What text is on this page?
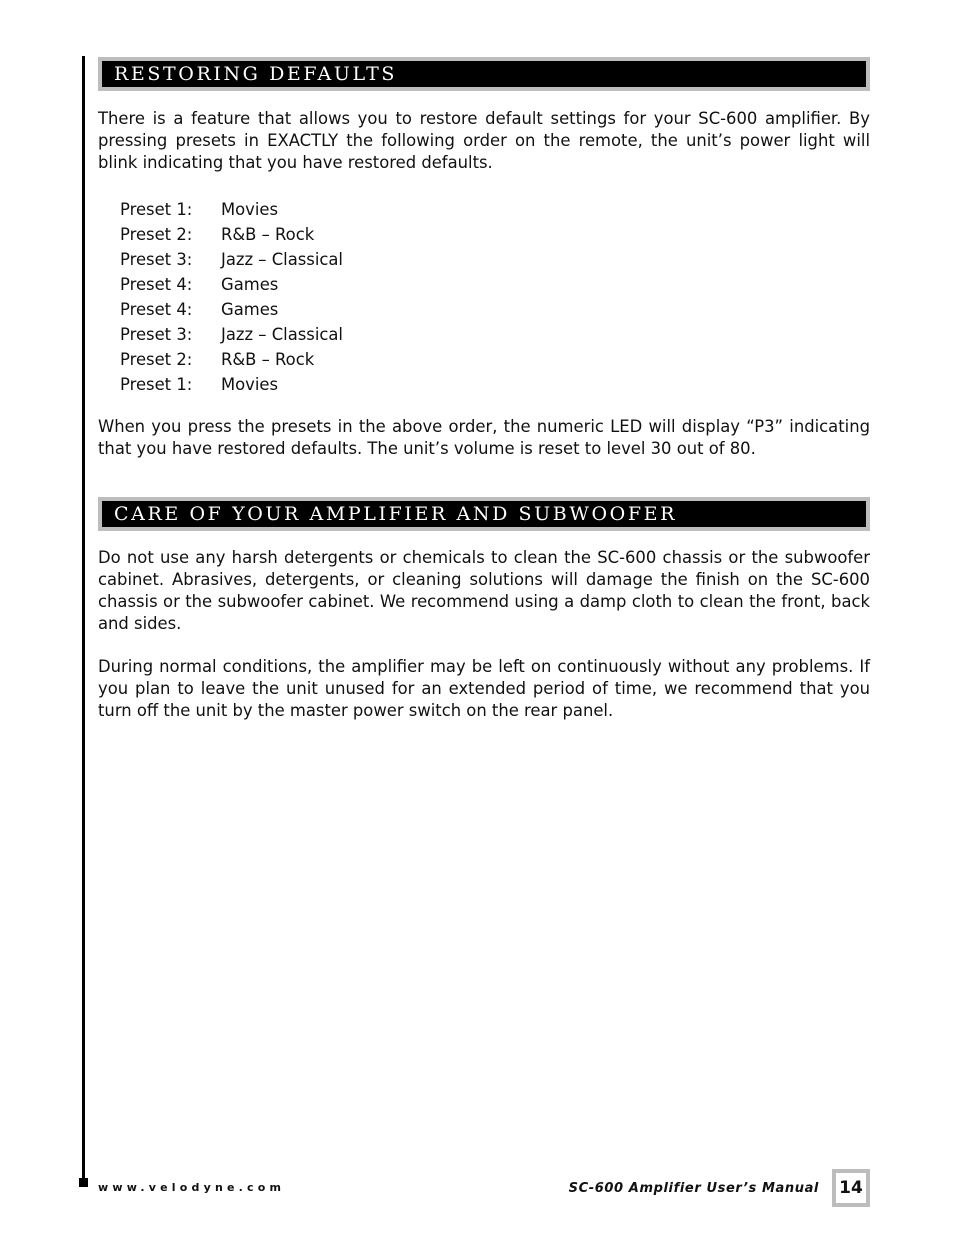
RESTORING DEFAULTS

There is a feature that allows you to restore default settings for your SC-600 amplifier. By pressing presets in EXACTLY the following order on the remote, the unit’s power light will blink indicating that you have restored defaults.

Preset 1:	Movies
Preset 2:	R&B – Rock
Preset 3:	Jazz – Classical
Preset 4:	Games
Preset 4:	Games
Preset 3:	Jazz – Classical
Preset 2:	R&B – Rock
Preset 1:	Movies

When you press the presets in the above order, the numeric LED will display “P3” indicating that you have restored defaults. The unit’s volume is reset to level 30 out of 80.

CARE OF YOUR AMPLIFIER AND SUBWOOFER

Do not use any harsh detergents or chemicals to clean the SC-600 chassis or the subwoofer cabinet. Abrasives, detergents, or cleaning solutions will damage the finish on the SC-600 chassis or the subwoofer cabinet. We recommend using a damp cloth to clean the front, back and sides.

During normal conditions, the amplifier may be left on continuously without any problems. If you plan to leave the unit unused for an extended period of time, we recommend that you turn off the unit by the master power switch on the rear panel.

www.velodyne.com	SC-600 Amplifier User’s Manual 14
